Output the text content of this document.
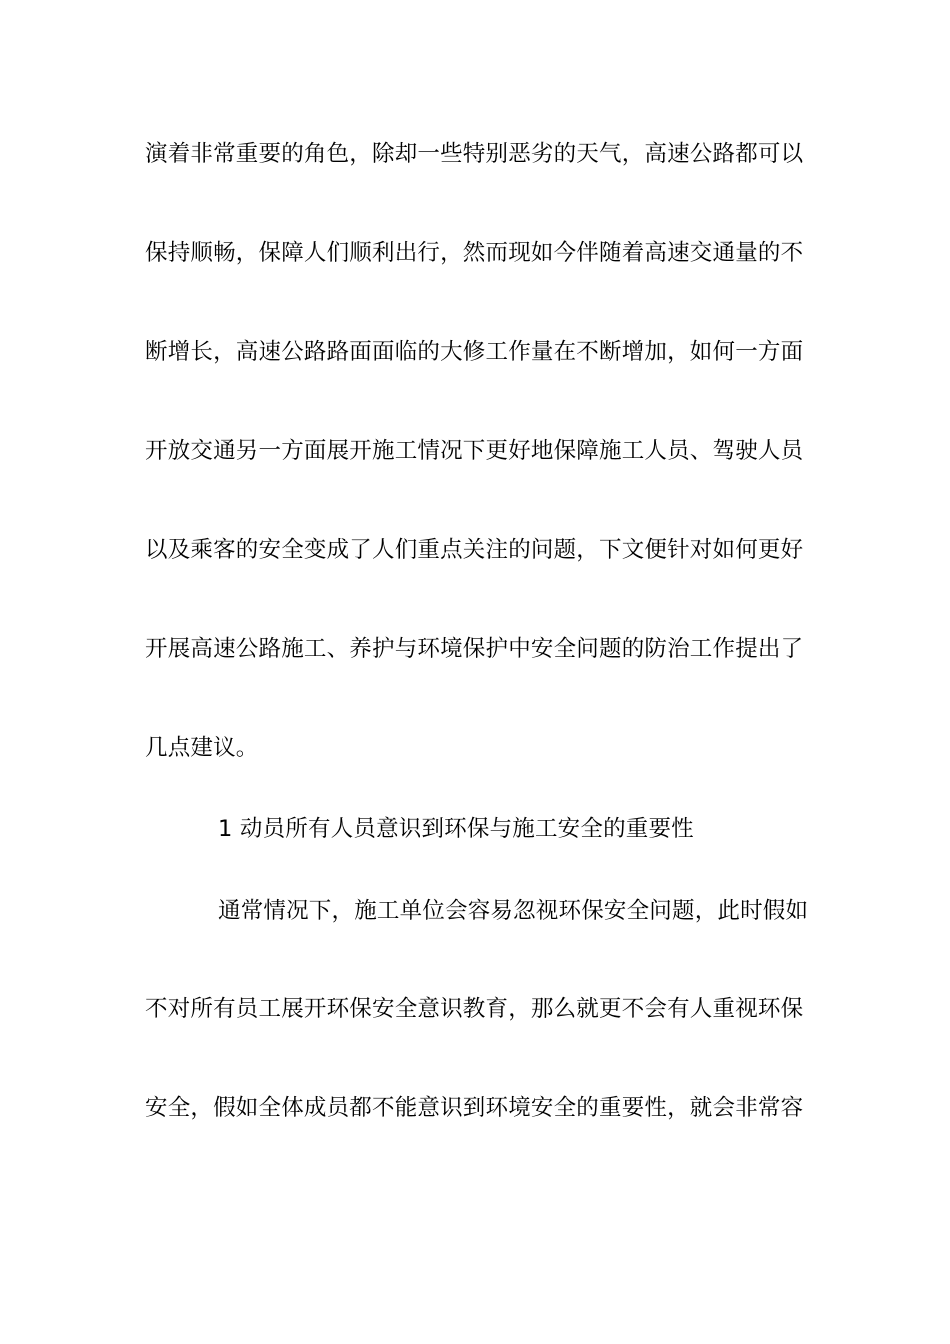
演着非常重要的角色，除却一些特别恶劣的天气，高速公路都可以
保持顺畅，保障人们顺利出行，然而现如今伴随着高速交通量的不
断增长，高速公路路面面临的大修工作量在不断增加，如何一方面
开放交通另一方面展开施工情况下更好地保障施工人员、驾驶人员
以及乘客的安全变成了人们重点关注的问题，下文便针对如何更好
开展高速公路施工、养护与环境保护中安全问题的防治工作提出了
几点建议。
1 动员所有人员意识到环保与施工安全的重要性
通常情况下，施工单位会容易忽视环保安全问题，此时假如
不对所有员工展开环保安全意识教育，那么就更不会有人重视环保
安全，假如全体成员都不能意识到环境安全的重要性，就会非常容
